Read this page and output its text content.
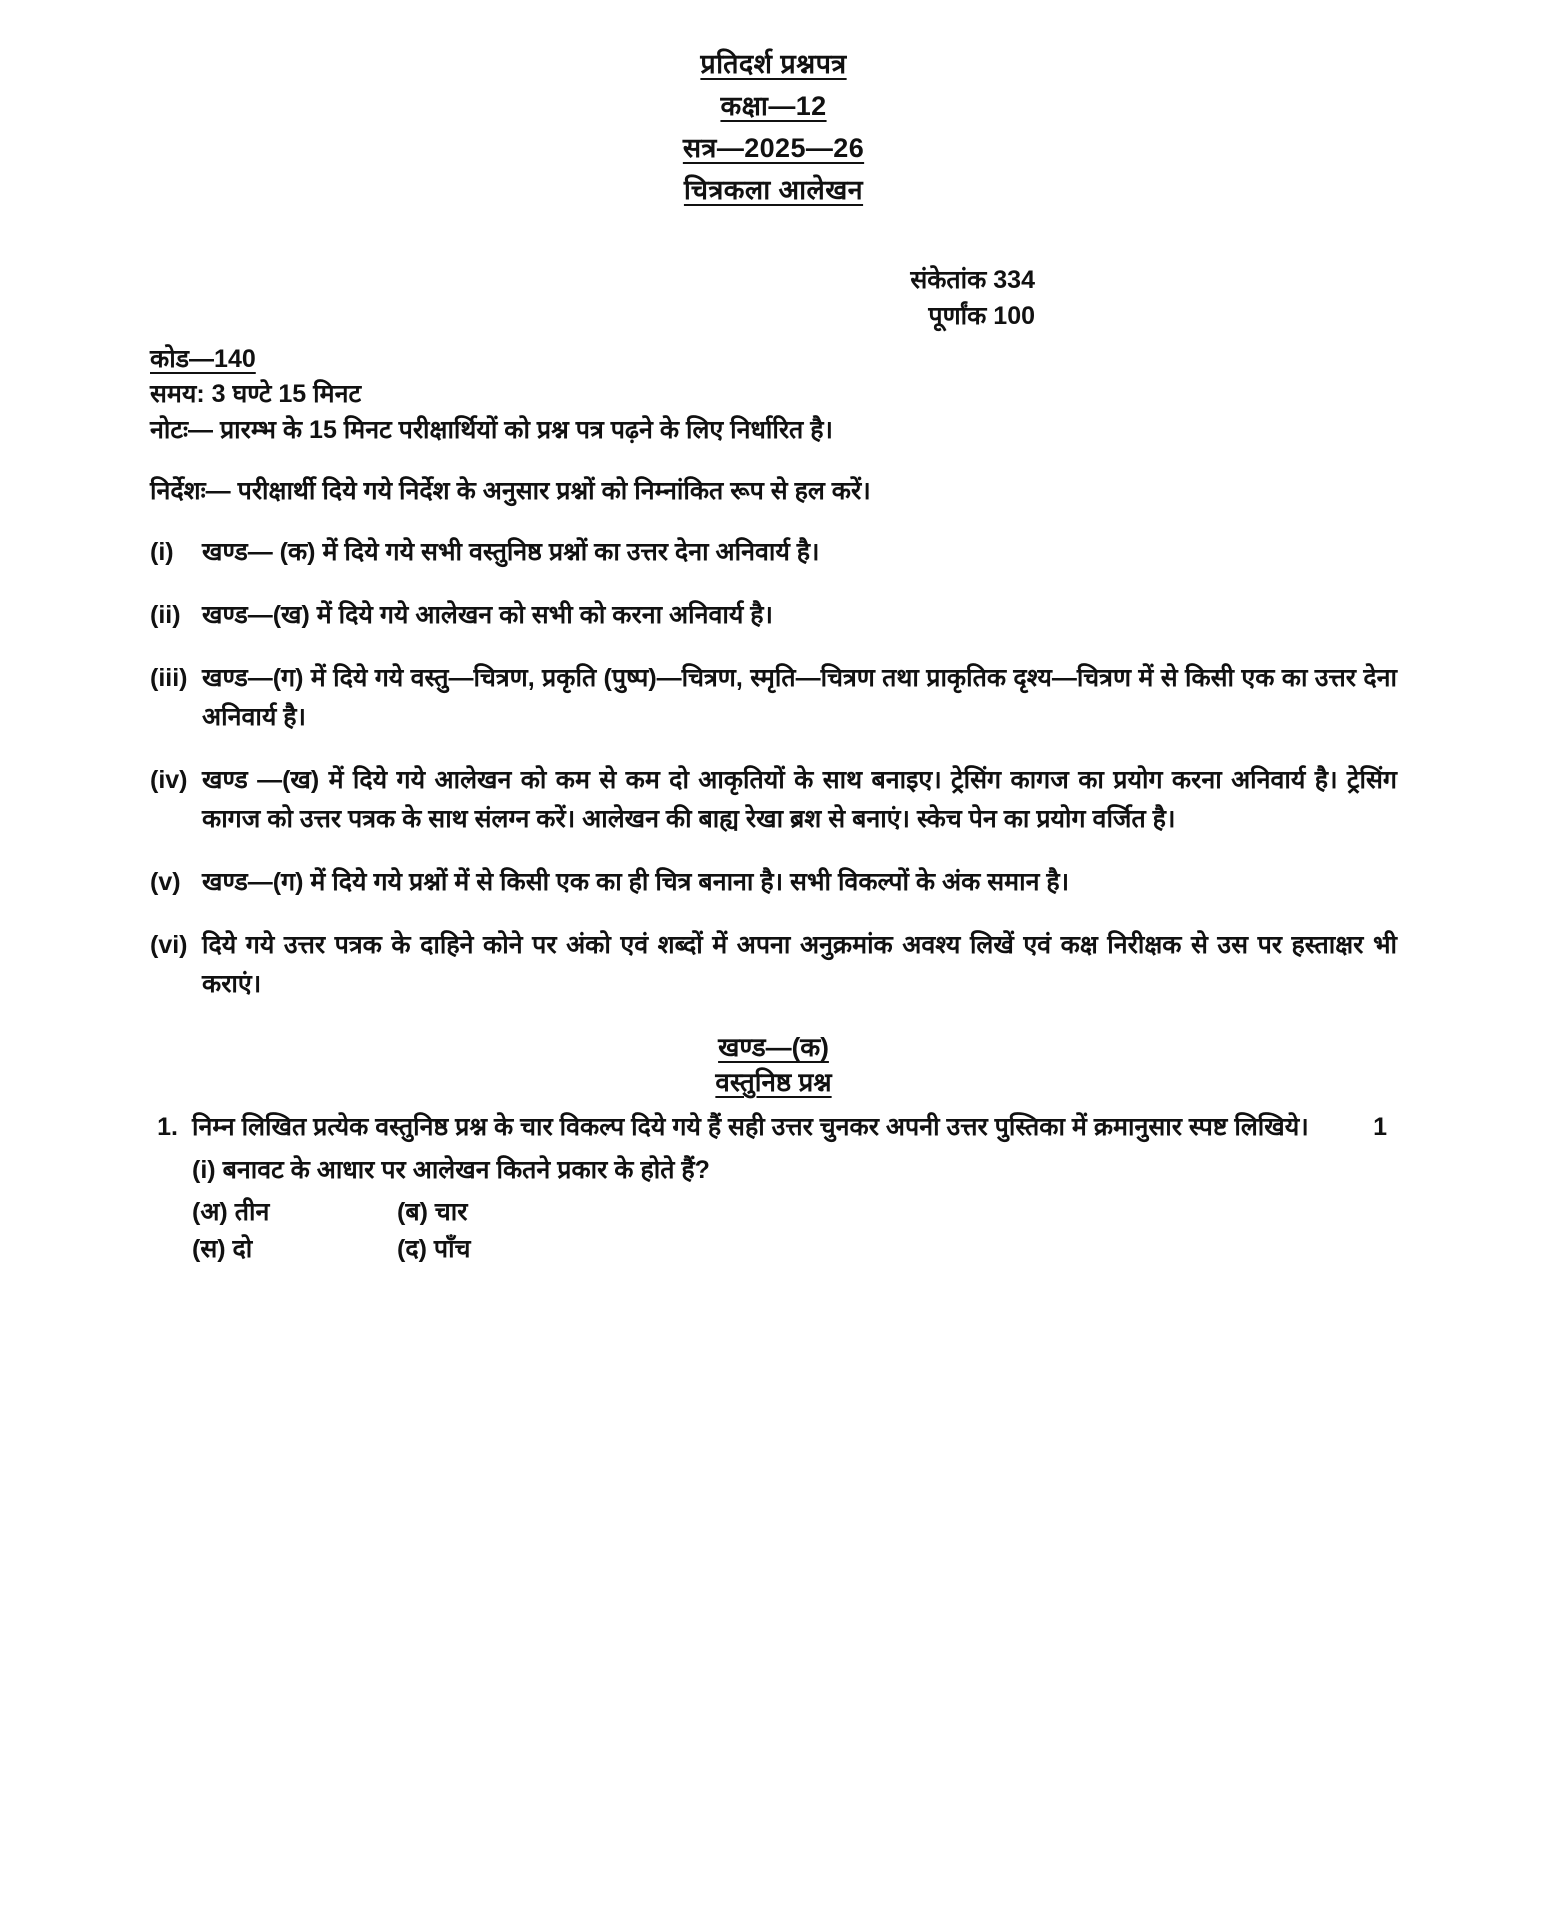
प्रतिदर्श प्रश्नपत्र
कक्षा—12
सत्र—2025—26
चित्रकला आलेखन
संकेतांक 334
पूर्णांक 100
कोड—140
समय: 3 घण्टे 15 मिनट

नोटः— प्रारम्भ के 15 मिनट परीक्षार्थियों को प्रश्न पत्र पढ़ने के लिए निर्धारित है।

निर्देशः— परीक्षार्थी दिये गये निर्देश के अनुसार प्रश्नों को निम्नांकित रूप से हल करें।

(i)	खण्ड— (क) में दिये गये सभी वस्तुनिष्ठ प्रश्नों का उत्तर देना अनिवार्य है।
(ii) खण्ड—(ख) में दिये गये आलेखन को सभी को करना अनिवार्य है।
(iii) खण्ड—(ग) में दिये गये वस्तु—चित्रण, प्रकृति (पुष्प)—चित्रण, स्मृति—चित्रण तथा प्राकृतिक दृश्य—चित्रण में से किसी एक का उत्तर देना अनिवार्य है।
(iv) खण्ड —(ख) में दिये गये आलेखन को कम से कम दो आकृतियों के साथ बनाइए। ट्रेसिंग कागज का प्रयोग करना अनिवार्य है। ट्रेसिंग कागज को उत्तर पत्रक के साथ संलग्न करें। आलेखन की बाह्य रेखा ब्रश से बनाएं। स्केच पेन का प्रयोग वर्जित है।
(v) खण्ड—(ग) में दिये गये प्रश्नों में से किसी एक का ही चित्र बनाना है। सभी विकल्पों के अंक समान है।
(vi) दिये गये उत्तर पत्रक के दाहिने कोने पर अंको एवं शब्दों में अपना अनुक्रमांक अवश्य लिखें एवं कक्ष निरीक्षक से उस पर हस्ताक्षर भी कराएं।
खण्ड—(क)
वस्तुनिष्ठ प्रश्न
1. निम्न लिखित प्रत्येक वस्तुनिष्ठ प्रश्न के चार विकल्प दिये गये हैं सही उत्तर चुनकर अपनी उत्तर पुस्तिका में क्रमानुसार स्पष्ट लिखिये।	1
(i) बनावट के आधार पर आलेखन कितने प्रकार के होते हैं?
(अ) तीन	(ब) चार
(स) दो	(द) पाँच
